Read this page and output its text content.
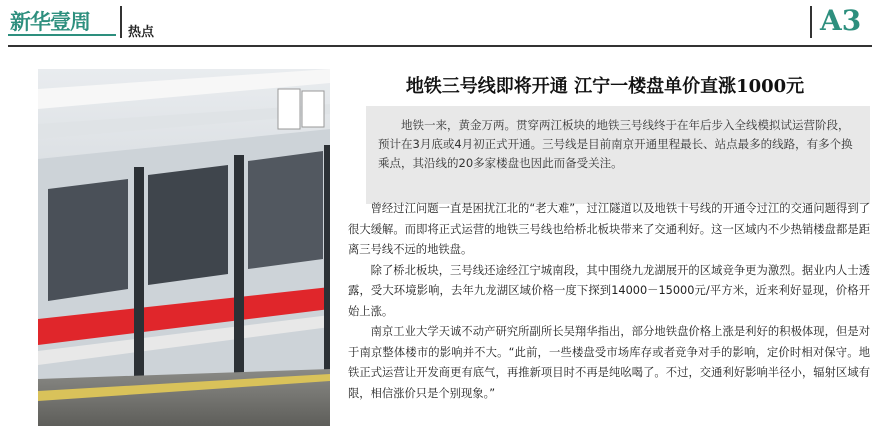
新华壹周	热点	A3
地铁三号线即将开通 江宁一楼盘单价直涨1000元

地铁一来，黄金万两。贯穿两江板块的地铁三号线终于在年后步入全线模拟试运营阶段，预计在3月底或4月初正式开通。三号线是目前南京开通里程最长、站点最多的线路，有多个换乘点，其沿线的20多家楼盘也因此而备受关注。

曾经过江问题一直是困扰江北的“老大难”，过江隧道以及地铁十号线的开通令过江的交通问题得到了很大缓解。而即将正式运营的地铁三号线也给桥北板块带来了交通利好。这一区域内不少热销楼盘都是距离三号线不远的地铁盘。

除了桥北板块，三号线还途经江宁城南段，其中围绕九龙湖展开的区域竞争更为激烈。据业内人士透露，受大环境影响，去年九龙湖区域价格一度下探到14000－15000元/平方米，近来利好显现，价格开始上涨。

南京工业大学天诚不动产研究所副所长吴翔华指出，部分地铁盘价格上涨是利好的积极体现，但是对于南京整体楼市的影响并不大。“此前，一些楼盘受市场库存或者竞争对手的影响，定价时相对保守。地铁正式运营让开发商更有底气，再推新项目时不再是纯吆喝了。不过，交通利好影响半径小，辐射区域有限，相信涨价只是个别现象。”
